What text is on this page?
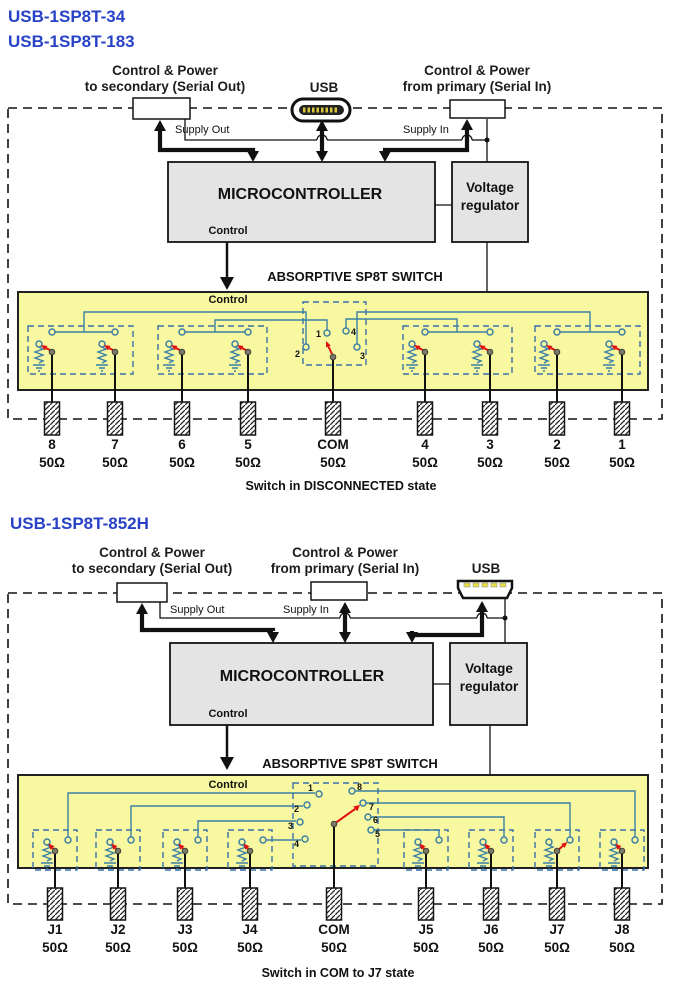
USB-1SP8T-34
USB-1SP8T-183
Control & Power
to secondary (Serial Out)	USB
Control & Power
from primary (Serial In)
Supply Out	Supply In
MICROCONTROLLER
Control
Voltage
regulator
ABSORPTIVE SP8T SWITCH
Control
1
2	3
4
8
50Ω
7
50Ω
6
50Ω
5
50Ω
COM
50Ω
4
50Ω
3
50Ω
2
50Ω
1
50Ω
Switch in DISCONNECTED state
USB-1SP8T-852H
Control & Power
to secondary (Serial Out)
Control & Power
from primary (Serial In)	USB
Supply Out	Supply In
MICROCONTROLLER
Control
Voltage
regulator
ABSORPTIVE SP8T SWITCH
Control	1
2
3
4
8
7
6
5
J1
50Ω
J2
50Ω
J3
50Ω
J4
50Ω
COM
50Ω
J5
50Ω
J6
50Ω
J7
50Ω
J8
50Ω
Switch in COM to J7 state
